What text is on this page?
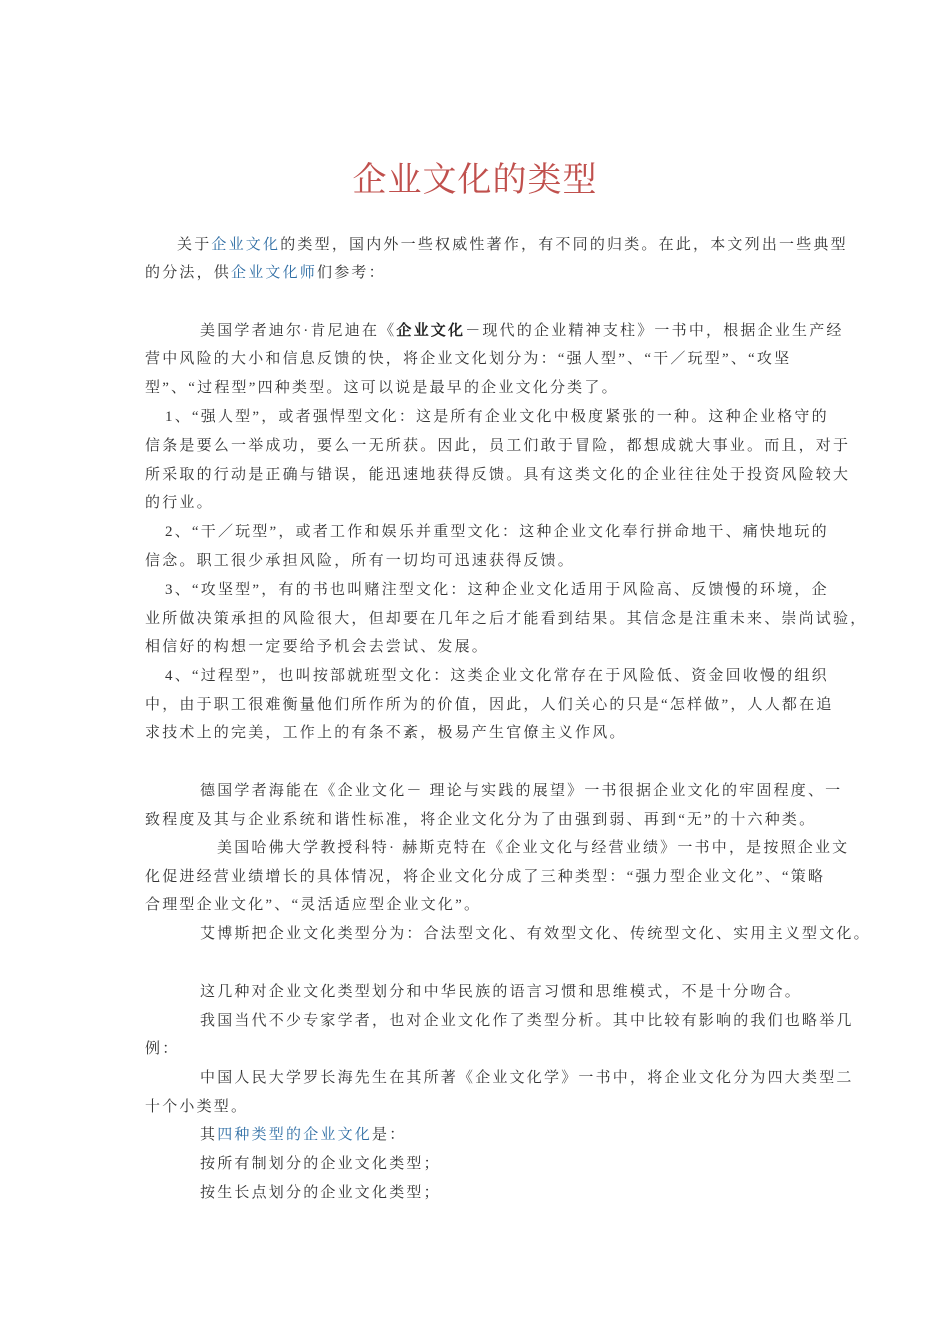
企业文化的类型
关于企业文化的类型，国内外一些权威性著作，有不同的归类。在此，本文列出一些典型
的分法，供企业文化师们参考：
美国学者迪尔·肯尼迪在《企业文化－现代的企业精神支柱》一书中，根据企业生产经
营中风险的大小和信息反馈的快，将企业文化划分为：“强人型”、“干／玩型”、“攻坚
型”、“过程型”四种类型。这可以说是最早的企业文化分类了。
1、“强人型”，或者强悍型文化：这是所有企业文化中极度紧张的一种。这种企业格守的
信条是要么一举成功，要么一无所获。因此，员工们敢于冒险，都想成就大事业。而且，对于
所采取的行动是正确与错误，能迅速地获得反馈。具有这类文化的企业往往处于投资风险较大
的行业。
2、“干／玩型”，或者工作和娱乐并重型文化：这种企业文化奉行拼命地干、痛快地玩的
信念。职工很少承担风险，所有一切均可迅速获得反馈。
3、“攻坚型”，有的书也叫赌注型文化：这种企业文化适用于风险高、反馈慢的环境，企
业所做决策承担的风险很大，但却要在几年之后才能看到结果。其信念是注重未来、崇尚试验，
相信好的构想一定要给予机会去尝试、发展。
4、“过程型”，也叫按部就班型文化：这类企业文化常存在于风险低、资金回收慢的组织
中，由于职工很难衡量他们所作所为的价值，因此，人们关心的只是“怎样做”，人人都在追
求技术上的完美，工作上的有条不紊，极易产生官僚主义作风。
德国学者海能在《企业文化－ 理论与实践的展望》一书很据企业文化的牢固程度、一
致程度及其与企业系统和谐性标准，将企业文化分为了由强到弱、再到“无”的十六种类。
美国哈佛大学教授科特· 赫斯克特在《企业文化与经营业绩》一书中，是按照企业文
化促进经营业绩增长的具体情况，将企业文化分成了三种类型：“强力型企业文化”、“策略
合理型企业文化”、“灵活适应型企业文化”。
艾博斯把企业文化类型分为：合法型文化、有效型文化、传统型文化、实用主义型文化。
这几种对企业文化类型划分和中华民族的语言习惯和思维模式，不是十分吻合。
我国当代不少专家学者，也对企业文化作了类型分析。其中比较有影响的我们也略举几
例：
中国人民大学罗长海先生在其所著《企业文化学》一书中，将企业文化分为四大类型二
十个小类型。
其四种类型的企业文化是：
按所有制划分的企业文化类型；
按生长点划分的企业文化类型；
